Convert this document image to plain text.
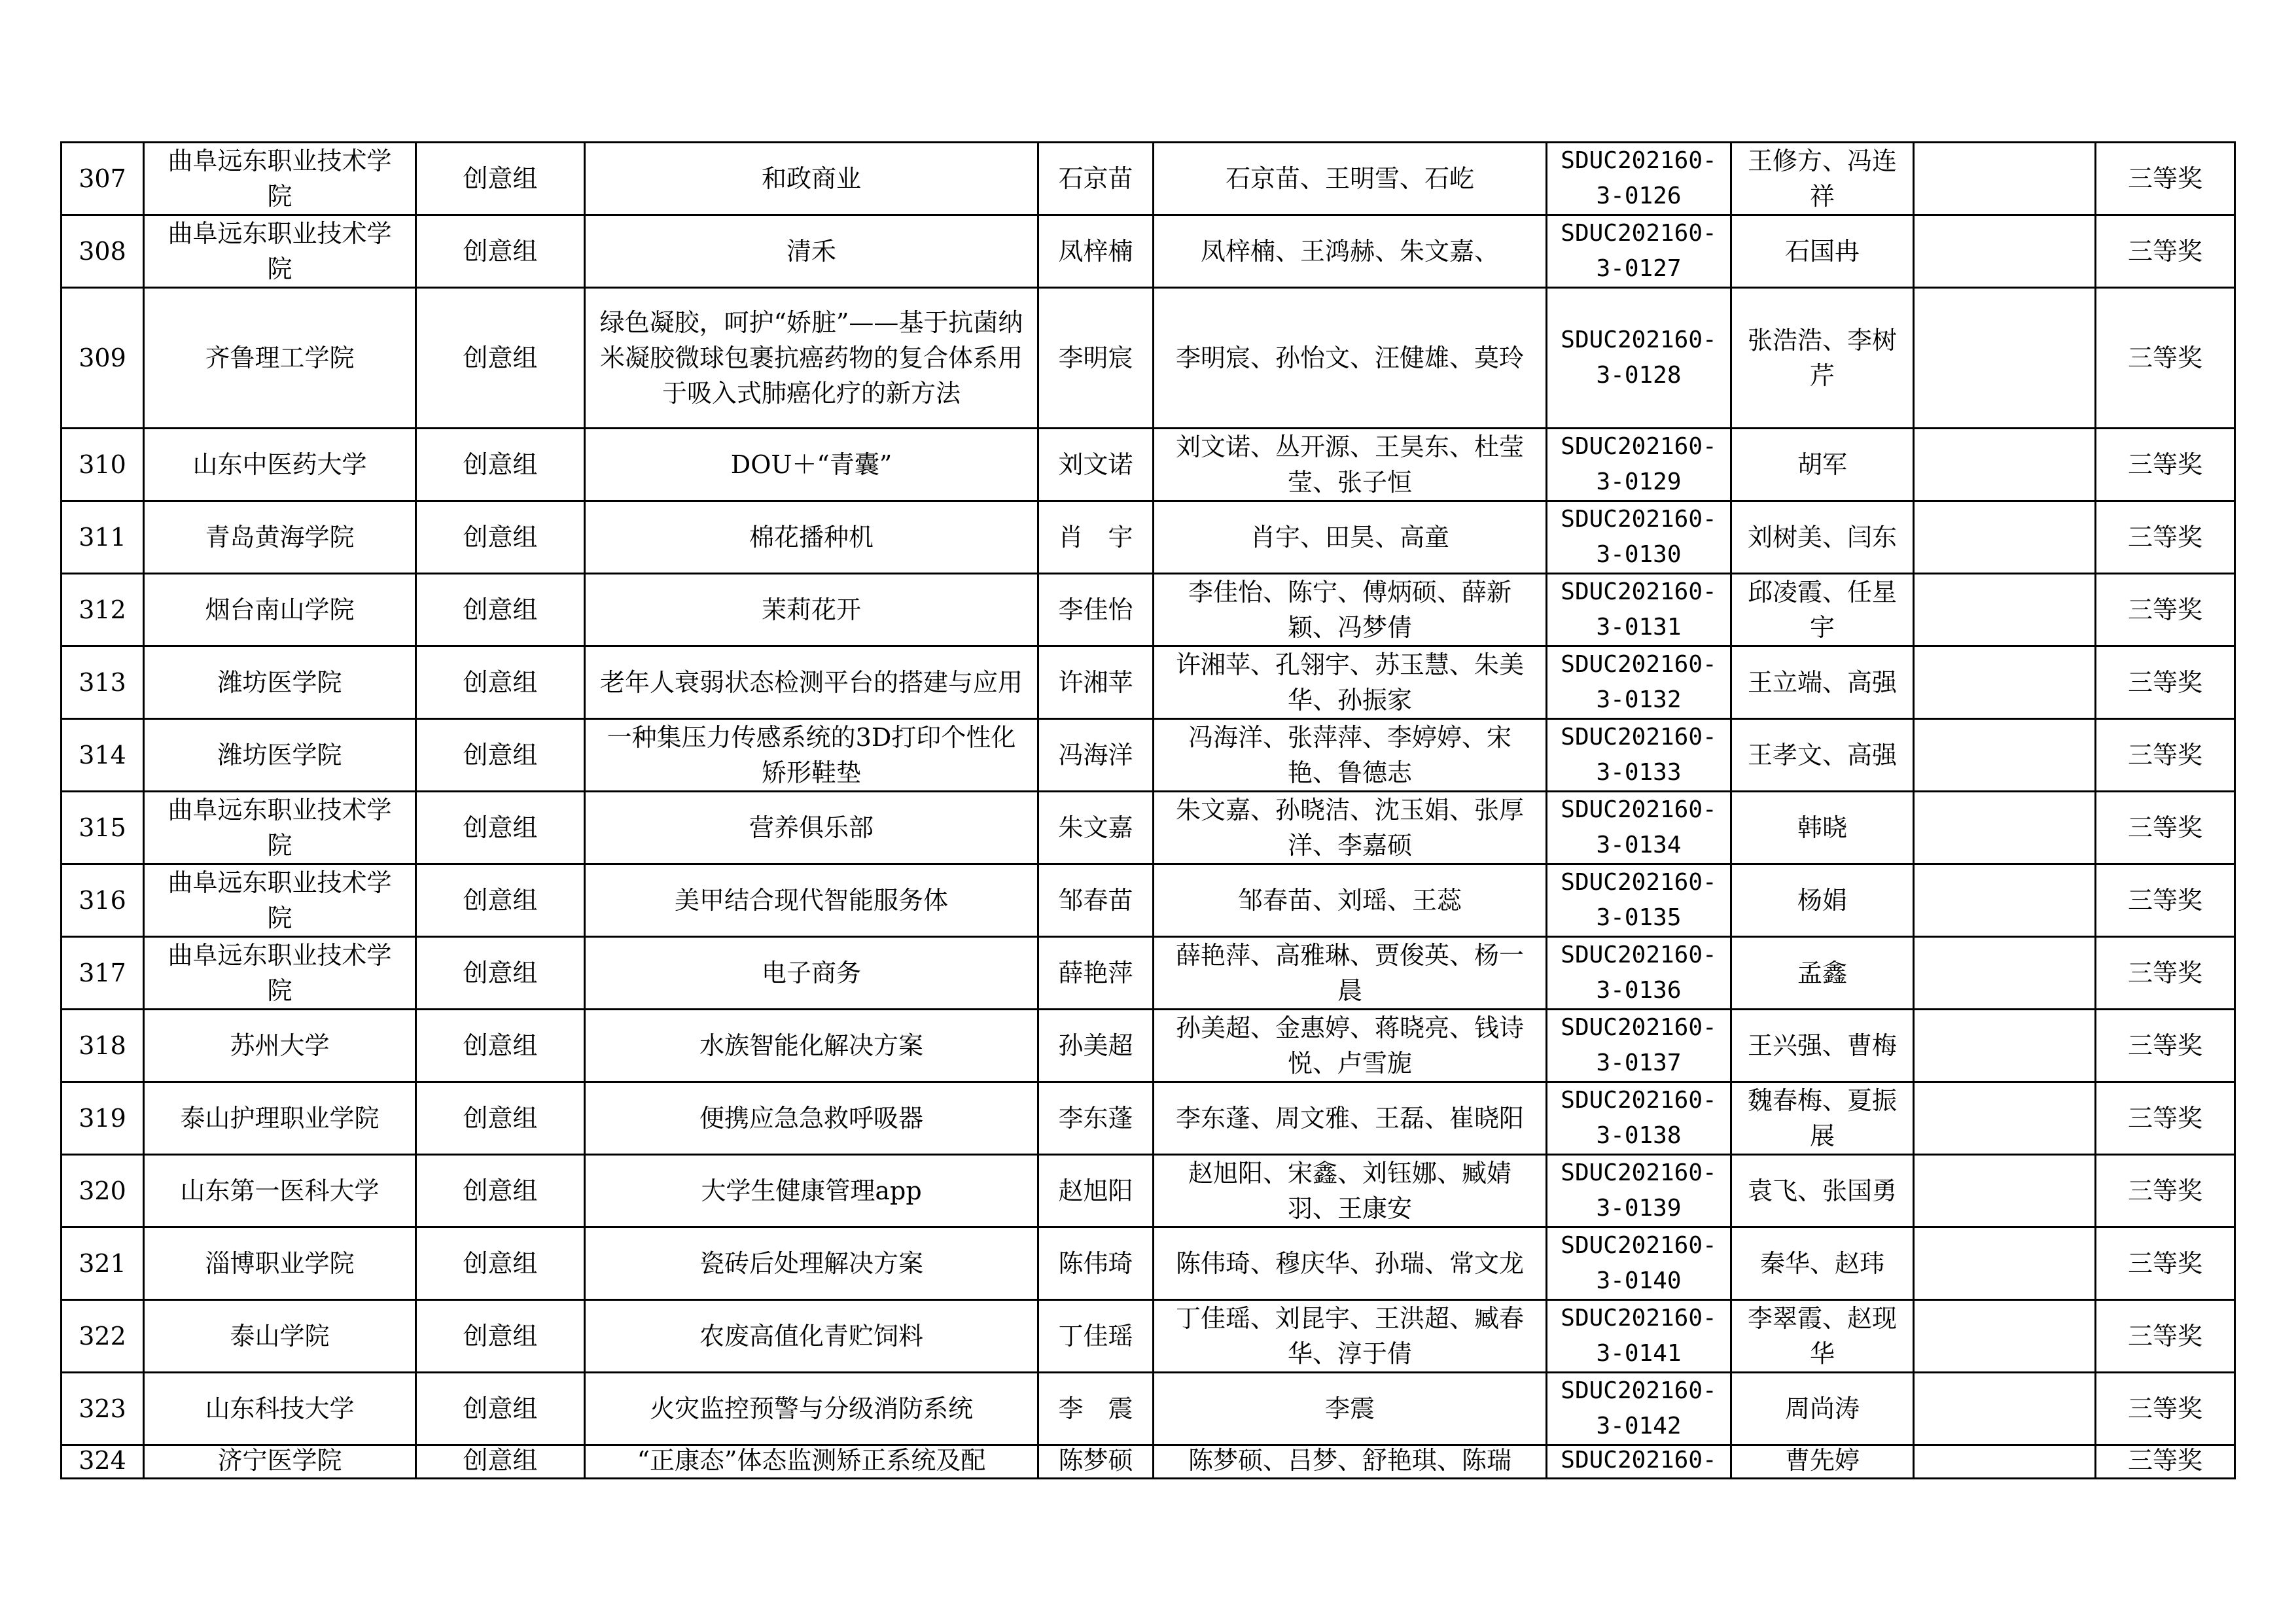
307	曲阜远东职业技术学院	创意组	和政商业	石京苗	石京苗、王明雪、石屹	SDUC202160-3-0126	王修方、冯连祥		三等奖
308	曲阜远东职业技术学院	创意组	清禾	凤梓楠	凤梓楠、王鸿赫、朱文嘉、	SDUC202160-3-0127	石国冉		三等奖
309	齐鲁理工学院	创意组	绿色凝胶，呵护“娇脏”——基于抗菌纳米凝胶微球包裹抗癌药物的复合体系用于吸入式肺癌化疗的新方法	李明宸	李明宸、孙怡文、汪健雄、莫玲	SDUC202160-3-0128	张浩浩、李树芹		三等奖
310	山东中医药大学	创意组	DOU＋“青囊”	刘文诺	刘文诺、丛开源、王昊东、杜莹莹、张子恒	SDUC202160-3-0129	胡军		三等奖
311	青岛黄海学院	创意组	棉花播种机	肖　宇	肖宇、田昊、高童	SDUC202160-3-0130	刘树美、闫东		三等奖
312	烟台南山学院	创意组	茉莉花开	李佳怡	李佳怡、陈宁、傅炳硕、薛新颖、冯梦倩	SDUC202160-3-0131	邱凌霞、任星宇		三等奖
313	潍坊医学院	创意组	老年人衰弱状态检测平台的搭建与应用	许湘苹	许湘苹、孔翎宇、苏玉慧、朱美华、孙振家	SDUC202160-3-0132	王立端、高强		三等奖
314	潍坊医学院	创意组	一种集压力传感系统的3D打印个性化矫形鞋垫	冯海洋	冯海洋、张萍萍、李婷婷、宋艳、鲁德志	SDUC202160-3-0133	王孝文、高强		三等奖
315	曲阜远东职业技术学院	创意组	营养俱乐部	朱文嘉	朱文嘉、孙晓洁、沈玉娟、张厚洋、李嘉硕	SDUC202160-3-0134	韩晓		三等奖
316	曲阜远东职业技术学院	创意组	美甲结合现代智能服务体	邹春苗	邹春苗、刘瑶、王蕊	SDUC202160-3-0135	杨娟		三等奖
317	曲阜远东职业技术学院	创意组	电子商务	薛艳萍	薛艳萍、高雅琳、贾俊英、杨一晨	SDUC202160-3-0136	孟鑫		三等奖
318	苏州大学	创意组	水族智能化解决方案	孙美超	孙美超、金惠婷、蒋晓亮、钱诗悦、卢雪旎	SDUC202160-3-0137	王兴强、曹梅		三等奖
319	泰山护理职业学院	创意组	便携应急急救呼吸器	李东蓬	李东蓬、周文雅、王磊、崔晓阳	SDUC202160-3-0138	魏春梅、夏振展		三等奖
320	山东第一医科大学	创意组	大学生健康管理app	赵旭阳	赵旭阳、宋鑫、刘钰娜、臧婧羽、王康安	SDUC202160-3-0139	袁飞、张国勇		三等奖
321	淄博职业学院	创意组	瓷砖后处理解决方案	陈伟琦	陈伟琦、穆庆华、孙瑞、常文龙	SDUC202160-3-0140	秦华、赵玮		三等奖
322	泰山学院	创意组	农废高值化青贮饲料	丁佳瑶	丁佳瑶、刘昆宇、王洪超、臧春华、淳于倩	SDUC202160-3-0141	李翠霞、赵现华		三等奖
323	山东科技大学	创意组	火灾监控预警与分级消防系统	李　震	李震	SDUC202160-3-0142	周尚涛		三等奖
324	济宁医学院	创意组	“正康态”体态监测矫正系统及配	陈梦硕	陈梦硕、吕梦、舒艳琪、陈瑞	SDUC202160-	曹先婷		三等奖
